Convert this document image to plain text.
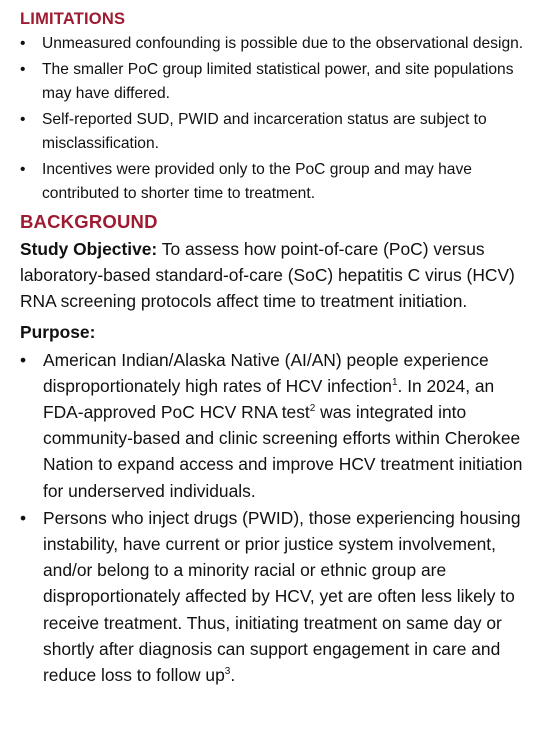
LIMITATIONS
•	Unmeasured confounding is possible due to the observational design.
•	The smaller PoC group limited statistical power, and site populations may have differed.
•	Self-reported SUD, PWID and incarceration status are subject to misclassification.
•	Incentives were provided only to the PoC group and may have contributed to shorter time to treatment.
BACKGROUND

Study Objective: To assess how point-of-care (PoC) versus laboratory-based standard-of-care (SoC) hepatitis C virus (HCV) RNA screening protocols affect time to treatment initiation.

Purpose:

• American Indian/Alaska Native (AI/AN) people experience disproportionately high rates of HCV infection$^1$. In 2024, an FDA-approved PoC HCV RNA test$^2$ was integrated into community-based and clinic screening efforts within Cherokee Nation to expand access and improve HCV treatment initiation for underserved individuals.
• Persons who inject drugs (PWID), those experiencing housing instability, have current or prior justice system involvement, and/or belong to a minority racial or ethnic group are disproportionately affected by HCV, yet are often less likely to receive treatment. Thus, initiating treatment on same day or shortly after diagnosis can support engagement in care and reduce loss to follow $up^3$.
